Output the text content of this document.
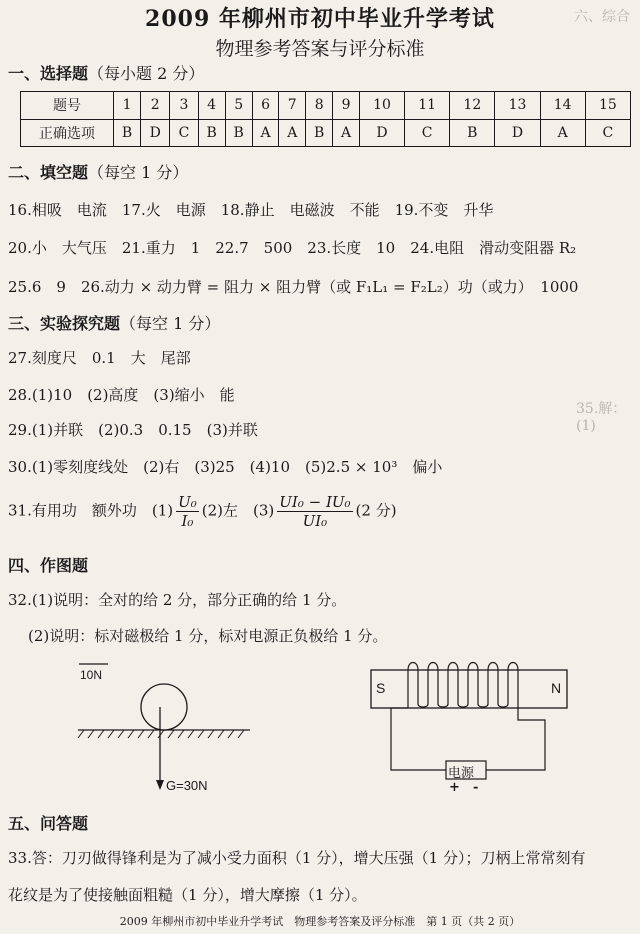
六、综合
35.解：(1)
2009 年柳州市初中毕业升学考试
物理参考答案与评分标准
一、选择题（每小题 2 分）
题号	1	2	3	4	5	6	7	8	9	10	11	12	13	14	15
正确选项	B	D	C	B	B	A	A	B	A	D	C	B	D	A	C
二、填空题（每空 1 分）
16.相吸　电流　17.火　电源　18.静止　电磁波　不能　19.不变　升华
20.小　大气压　21.重力　1　22.7　500　23.长度　10　24.电阻　滑动变阻器 R₂
25.6　9　26.动力 × 动力臂 = 阻力 × 阻力臂（或 F₁L₁ = F₂L₂）功（或力）　1000
三、实验探究题（每空 1 分）
27.刻度尺　0.1　大　尾部
28.(1)10　(2)高度　(3)缩小　能
29.(1)并联　(2)0.3　0.15　(3)并联
30.(1)零刻度线处　(2)右　(3)25　(4)10　(5)2.5 × 10³　偏小
31.有用功　额外功　$(1) \frac{\text{U₀}}{\text{I₀}} (2)$左　$(3) \frac{\text{UI₀ − IU₀}}{\text{UI₀}} (2$ 分)
四、作图题
32.(1)说明：全对的给 2 分，部分正确的给 1 分。
(2)说明：标对磁极给 1 分，标对电源正负极给 1 分。
10N
G=30N
S	N
电源
+ -
五、问答题
33.答：刀刃做得锋利是为了减小受力面积（1 分），增大压强（1 分）；刀柄上常常刻有
花纹是为了使接触面粗糙（1 分），增大摩擦（1 分）。
2009 年柳州市初中毕业升学考试　物理参考答案及评分标准　第 1 页（共 2 页）
